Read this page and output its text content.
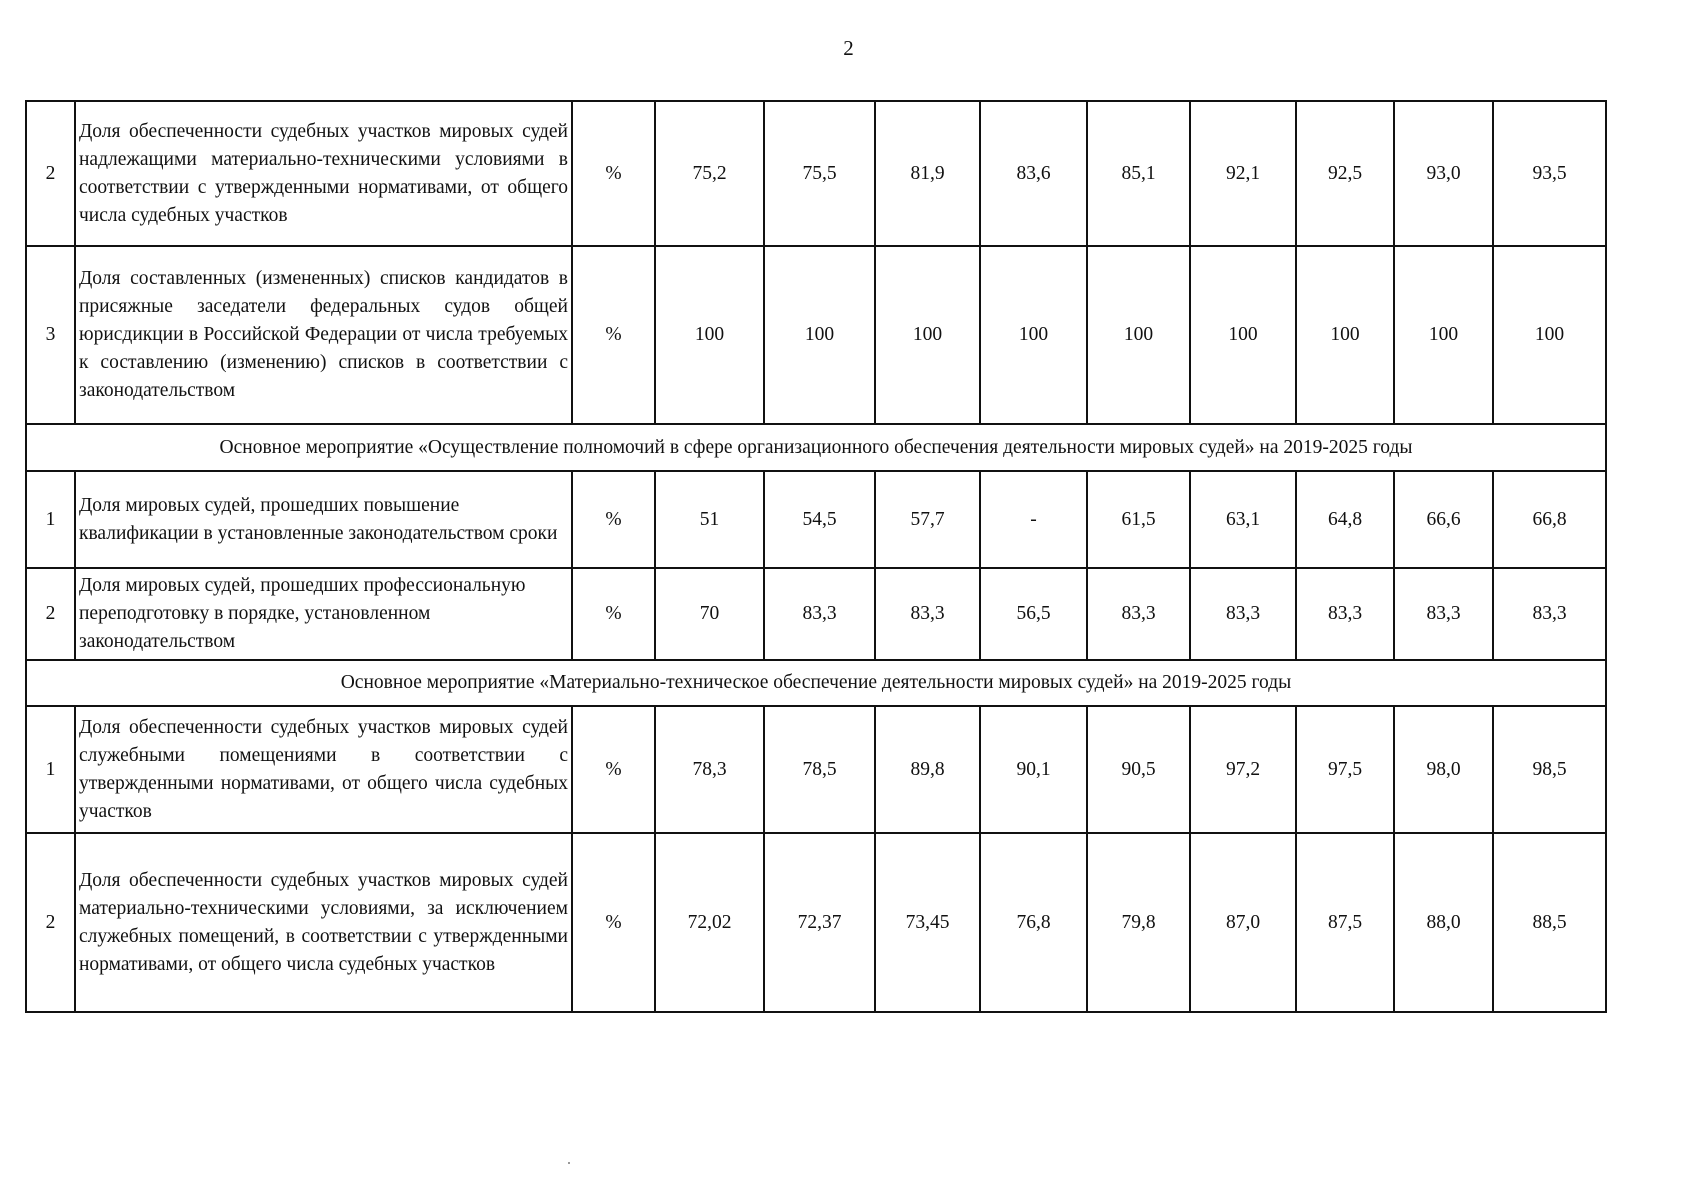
2
2	Доля обеспеченности судебных участков мировых судей надлежащими материально-техническими условиями в соответствии с утвержденными нормативами, от общего числа судебных участков	%	75,2	75,5	81,9	83,6	85,1	92,1	92,5	93,0	93,5
3	Доля составленных (измененных) списков кандидатов в присяжные заседатели федеральных судов общей юрисдикции в Российской Федерации от числа требуемых к составлению (изменению) списков в соответствии с законодательством	%	100	100	100	100	100	100	100	100	100
Основное мероприятие «Осуществление полномочий в сфере организационного обеспечения деятельности мировых судей» на 2019-2025 годы											
1	Доля мировых судей, прошедших повышение квалификации в установленные законодательством сроки	%	51	54,5	57,7	-	61,5	63,1	64,8	66,6	66,8
2	Доля мировых судей, прошедших профессиональную переподготовку в порядке, установленном законодательством	%	70	83,3	83,3	56,5	83,3	83,3	83,3	83,3	83,3
Основное мероприятие «Материально-техническое обеспечение деятельности мировых судей» на 2019-2025 годы											
1	Доля обеспеченности судебных участков мировых судей служебными помещениями в соответствии с утвержденными нормативами, от общего числа судебных участков	%	78,3	78,5	89,8	90,1	90,5	97,2	97,5	98,0	98,5
2	Доля обеспеченности судебных участков мировых судей материально-техническими условиями, за исключением служебных помещений, в соответствии с утвержденными нормативами, от общего числа судебных участков	%	72,02	72,37	73,45	76,8	79,8	87,0	87,5	88,0	88,5
